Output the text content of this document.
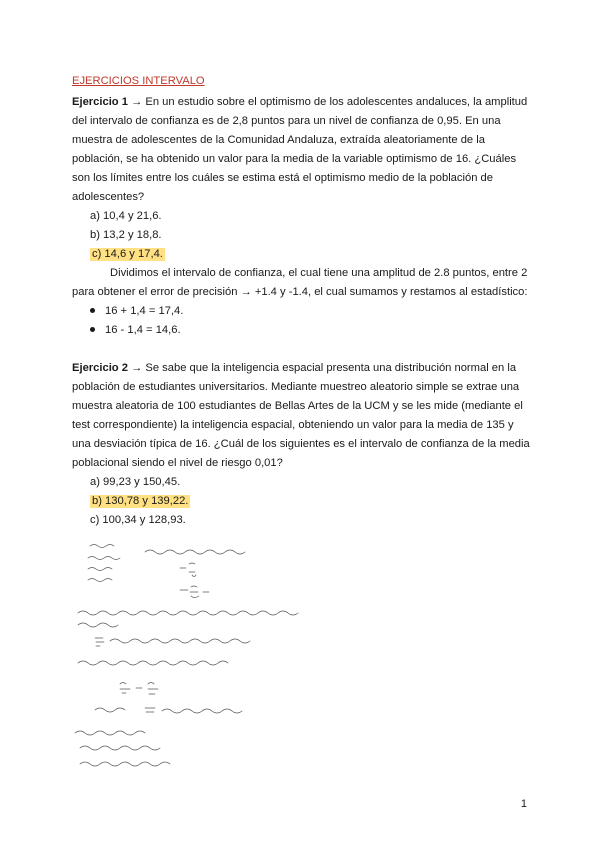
EJERCICIOS INTERVALO

Ejercicio 1 → En un estudio sobre el optimismo de los adolescentes andaluces, la amplitud del intervalo de confianza es de 2,8 puntos para un nivel de confianza de 0,95. En una muestra de adolescentes de la Comunidad Andaluza, extraída aleatoriamente de la población, se ha obtenido un valor para la media de la variable optimismo de 16. ¿Cuáles son los límites entre los cuáles se estima está el optimismo medio de la población de adolescentes?

a) 10,4 y 21,6.
b) 13,2 y 18,8.
c) 14,6 y 17,4.

Dividimos el intervalo de confianza, el cual tiene una amplitud de 2.8 puntos, entre 2 para obtener el error de precisión → +1.4 y -1.4, el cual sumamos y restamos al estadístico:

16 + 1,4 = 17,4.
16 - 1,4 = 14,6.

Ejercicio 2 → Se sabe que la inteligencia espacial presenta una distribución normal en la población de estudiantes universitarios. Mediante muestreo aleatorio simple se extrae una muestra aleatoria de 100 estudiantes de Bellas Artes de la UCM y se les mide (mediante el test correspondiente) la inteligencia espacial, obteniendo un valor para la media de 135 y una desviación típica de 16. ¿Cuál de los siguientes es el intervalo de confianza de la media poblacional siendo el nivel de riesgo 0,01?

a) 99,23 y 150,45.
b) 130,78 y 139,22.
c) 100,34 y 128,93.
1
